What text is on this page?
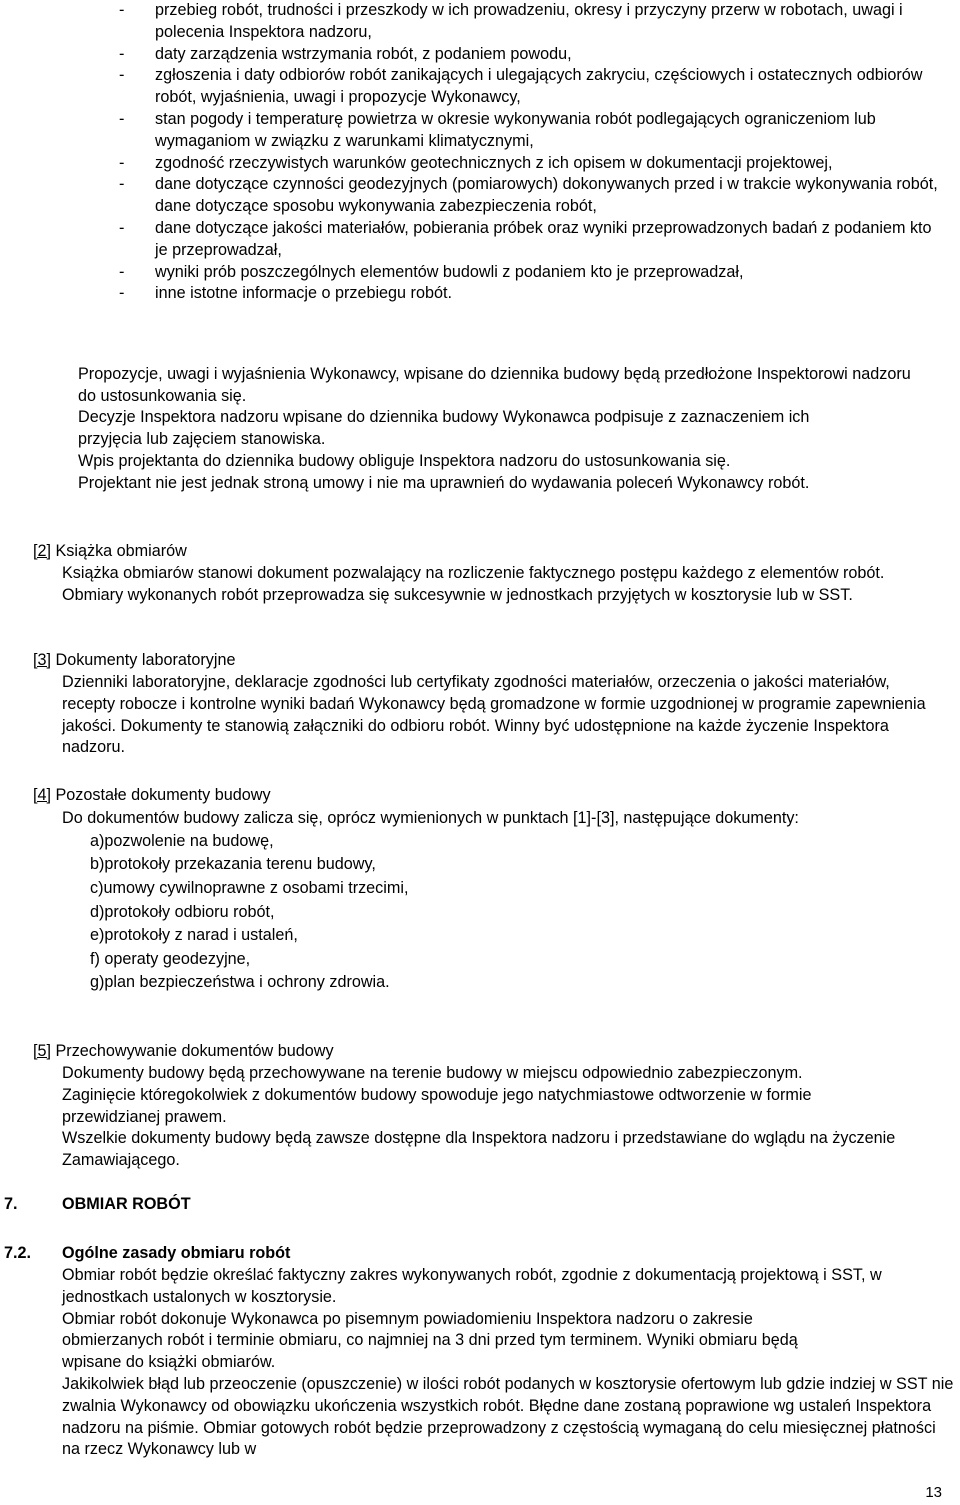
- przebieg robót, trudności i przeszkody w ich prowadzeniu, okresy i przyczyny przerw w robotach, uwagi i polecenia Inspektora nadzoru,
- daty zarządzenia wstrzymania robót, z podaniem powodu,
- zgłoszenia i daty odbiorów robót zanikających i ulegających zakryciu, częściowych i ostatecznych odbiorów robót, wyjaśnienia, uwagi i propozycje Wykonawcy,
- stan pogody i temperaturę powietrza w okresie wykonywania robót podlegających ograniczeniom lub wymaganiom w związku z warunkami klimatycznymi,
- zgodność rzeczywistych warunków geotechnicznych z ich opisem w dokumentacji projektowej,
- dane dotyczące czynności geodezyjnych (pomiarowych) dokonywanych przed i w trakcie wykonywania robót, dane dotyczące sposobu wykonywania zabezpieczenia robót,
- dane dotyczące jakości materiałów, pobierania próbek oraz wyniki przeprowadzonych badań z podaniem kto je przeprowadzał,
- wyniki prób poszczególnych elementów budowli z podaniem kto je przeprowadzał,
- inne istotne informacje o przebiegu robót.
Propozycje, uwagi i wyjaśnienia Wykonawcy, wpisane do dziennika budowy będą przedłożone Inspektorowi nadzoru do ustosunkowania się.
Decyzje Inspektora nadzoru wpisane do dziennika budowy Wykonawca podpisuje z zaznaczeniem ich przyjęcia lub zajęciem stanowiska.
Wpis projektanta do dziennika budowy obliguje Inspektora nadzoru do ustosunkowania się.
Projektant nie jest jednak stroną umowy i nie ma uprawnień do wydawania poleceń Wykonawcy robót.
[2] Książka obmiarów
Książka obmiarów stanowi dokument pozwalający na rozliczenie faktycznego postępu każdego z elementów robót. Obmiary wykonanych robót przeprowadza się sukcesywnie w jednostkach przyjętych w kosztorysie lub w SST.
[3] Dokumenty laboratoryjne
Dzienniki laboratoryjne, deklaracje zgodności lub certyfikaty zgodności materiałów, orzeczenia o jakości materiałów, recepty robocze i kontrolne wyniki badań Wykonawcy będą gromadzone w formie uzgodnionej w programie zapewnienia jakości. Dokumenty te stanowią załączniki do odbioru robót. Winny być udostępnione na każde życzenie Inspektora nadzoru.
[4] Pozostałe dokumenty budowy
Do dokumentów budowy zalicza się, oprócz wymienionych w punktach [1]-[3], następujące dokumenty:
a)pozwolenie na budowę,
b)protokoły przekazania terenu budowy,
c)umowy cywilnoprawne z osobami trzecimi,
d)protokoły odbioru robót,
e)protokoły z narad i ustaleń,
f) operaty geodezyjne,
g)plan bezpieczeństwa i ochrony zdrowia.
[5] Przechowywanie dokumentów budowy
Dokumenty budowy będą przechowywane na terenie budowy w miejscu odpowiednio zabezpieczonym. Zaginięcie któregokolwiek z dokumentów budowy spowoduje jego natychmiastowe odtworzenie w formie przewidzianej prawem.
Wszelkie dokumenty budowy będą zawsze dostępne dla Inspektora nadzoru i przedstawiane do wglądu na życzenie Zamawiającego.
7.	OBMIAR ROBÓT
7.2. Ogólne zasady obmiaru robót
Obmiar robót będzie określać faktyczny zakres wykonywanych robót, zgodnie z dokumentacją projektową i SST, w jednostkach ustalonych w kosztorysie.
Obmiar robót dokonuje Wykonawca po pisemnym powiadomieniu Inspektora nadzoru o zakresie obmierzanych robót i terminie obmiaru, co najmniej na 3 dni przed tym terminem. Wyniki obmiaru będą wpisane do książki obmiarów.
Jakikolwiek błąd lub przeoczenie (opuszczenie) w ilości robót podanych w kosztorysie ofertowym lub gdzie indziej w SST nie zwalnia Wykonawcy od obowiązku ukończenia wszystkich robót. Błędne dane zostaną poprawione wg ustaleń Inspektora nadzoru na piśmie. Obmiar gotowych robót będzie przeprowadzony z częstością wymaganą do celu miesięcznej płatności na rzecz Wykonawcy lub w
13
